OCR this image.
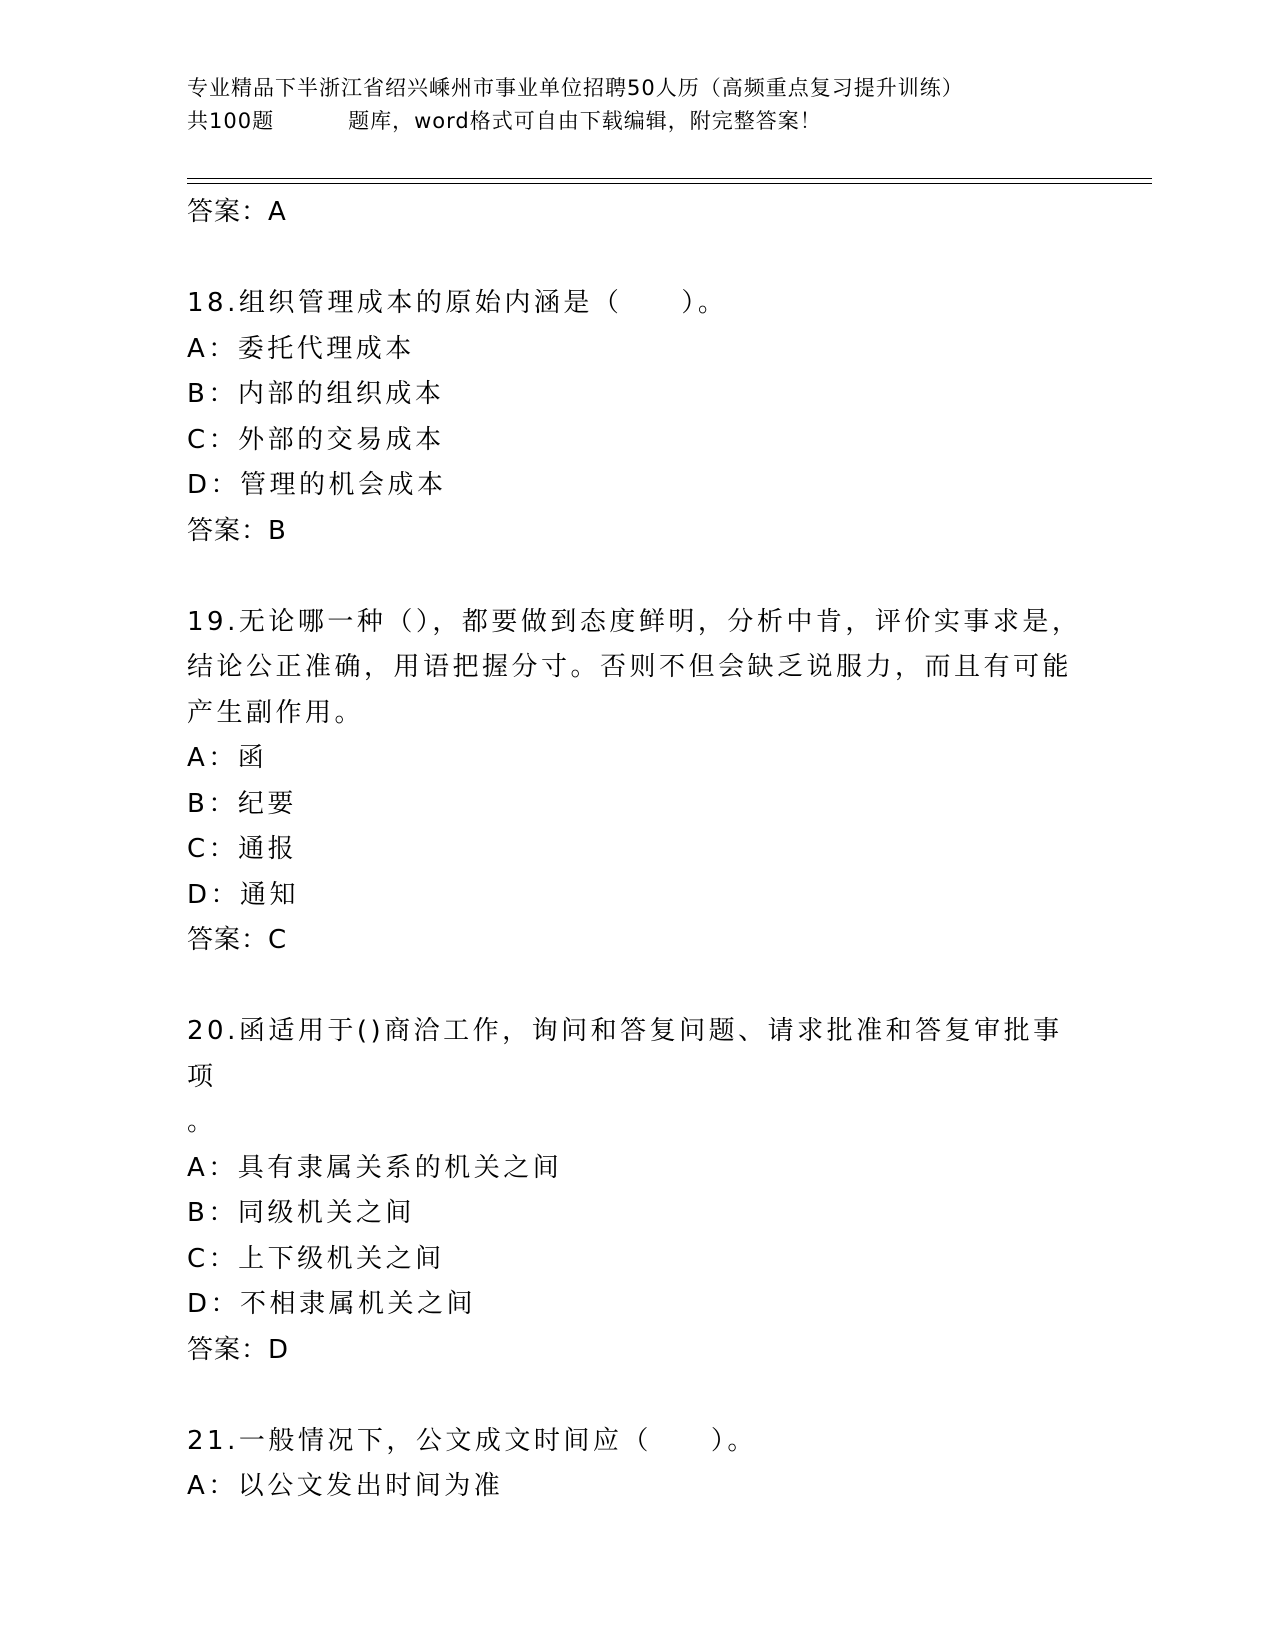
专业精品下半浙江省绍兴嵊州市事业单位招聘50人历（高频重点复习提升训练）
共100题	题库，word格式可自由下载编辑，附完整答案！
答案：A
18.组织管理成本的原始内涵是（　　）。
A：委托代理成本
B：内部的组织成本
C：外部的交易成本
D：管理的机会成本
答案：B
19.无论哪一种（），都要做到态度鲜明，分析中肯，评价实事求是，
结论公正准确，用语把握分寸。否则不但会缺乏说服力，而且有可能
产生副作用。
A：函
B：纪要
C：通报
D：通知
答案：C
20.函适用于()商洽工作，询问和答复问题、请求批准和答复审批事项
。
A：具有隶属关系的机关之间
B：同级机关之间
C：上下级机关之间
D：不相隶属机关之间
答案：D
21.一般情况下，公文成文时间应（　　）。
A：以公文发出时间为准
